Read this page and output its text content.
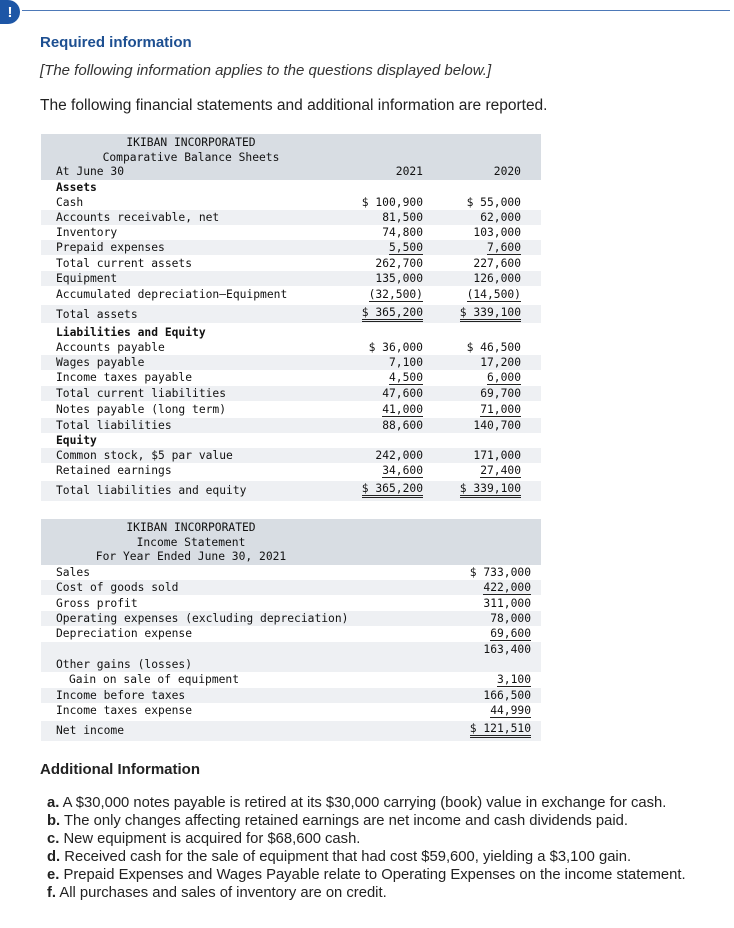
!
Required information
[The following information applies to the questions displayed below.]
The following financial statements and additional information are reported.
IKIBAN INCORPORATED
Comparative Balance Sheets
At June 30	2021	2020
Assets
Cash	$ 100,900	$ 55,000
Accounts receivable, net	81,500	62,000
Inventory	74,800	103,000
Prepaid expenses	5,500	7,600
Total current assets	262,700	227,600
Equipment	135,000	126,000
Accumulated depreciation—Equipment	(32,500)	(14,500)
Total assets	$ 365,200	$ 339,100
Liabilities and Equity
Accounts payable	$ 36,000	$ 46,500
Wages payable	7,100	17,200
Income taxes payable	4,500	6,000
Total current liabilities	47,600	69,700
Notes payable (long term)	41,000	71,000
Total liabilities	88,600	140,700
Equity
Common stock, $5 par value	242,000	171,000
Retained earnings	34,600	27,400
Total liabilities and equity	$ 365,200	$ 339,100
IKIBAN INCORPORATED
Income Statement
For Year Ended June 30, 2021
Sales	$ 733,000
Cost of goods sold	422,000
Gross profit	311,000
Operating expenses (excluding depreciation)	78,000
Depreciation expense	69,600
163,400
Other gains (losses)
Gain on sale of equipment	3,100
Income before taxes	166,500
Income taxes expense	44,990
Net income	$ 121,510
Additional Information
a. A $30,000 notes payable is retired at its $30,000 carrying (book) value in exchange for cash.
b. The only changes affecting retained earnings are net income and cash dividends paid.
c. New equipment is acquired for $68,600 cash.
d. Received cash for the sale of equipment that had cost $59,600, yielding a $3,100 gain.
e. Prepaid Expenses and Wages Payable relate to Operating Expenses on the income statement.
f. All purchases and sales of inventory are on credit.
